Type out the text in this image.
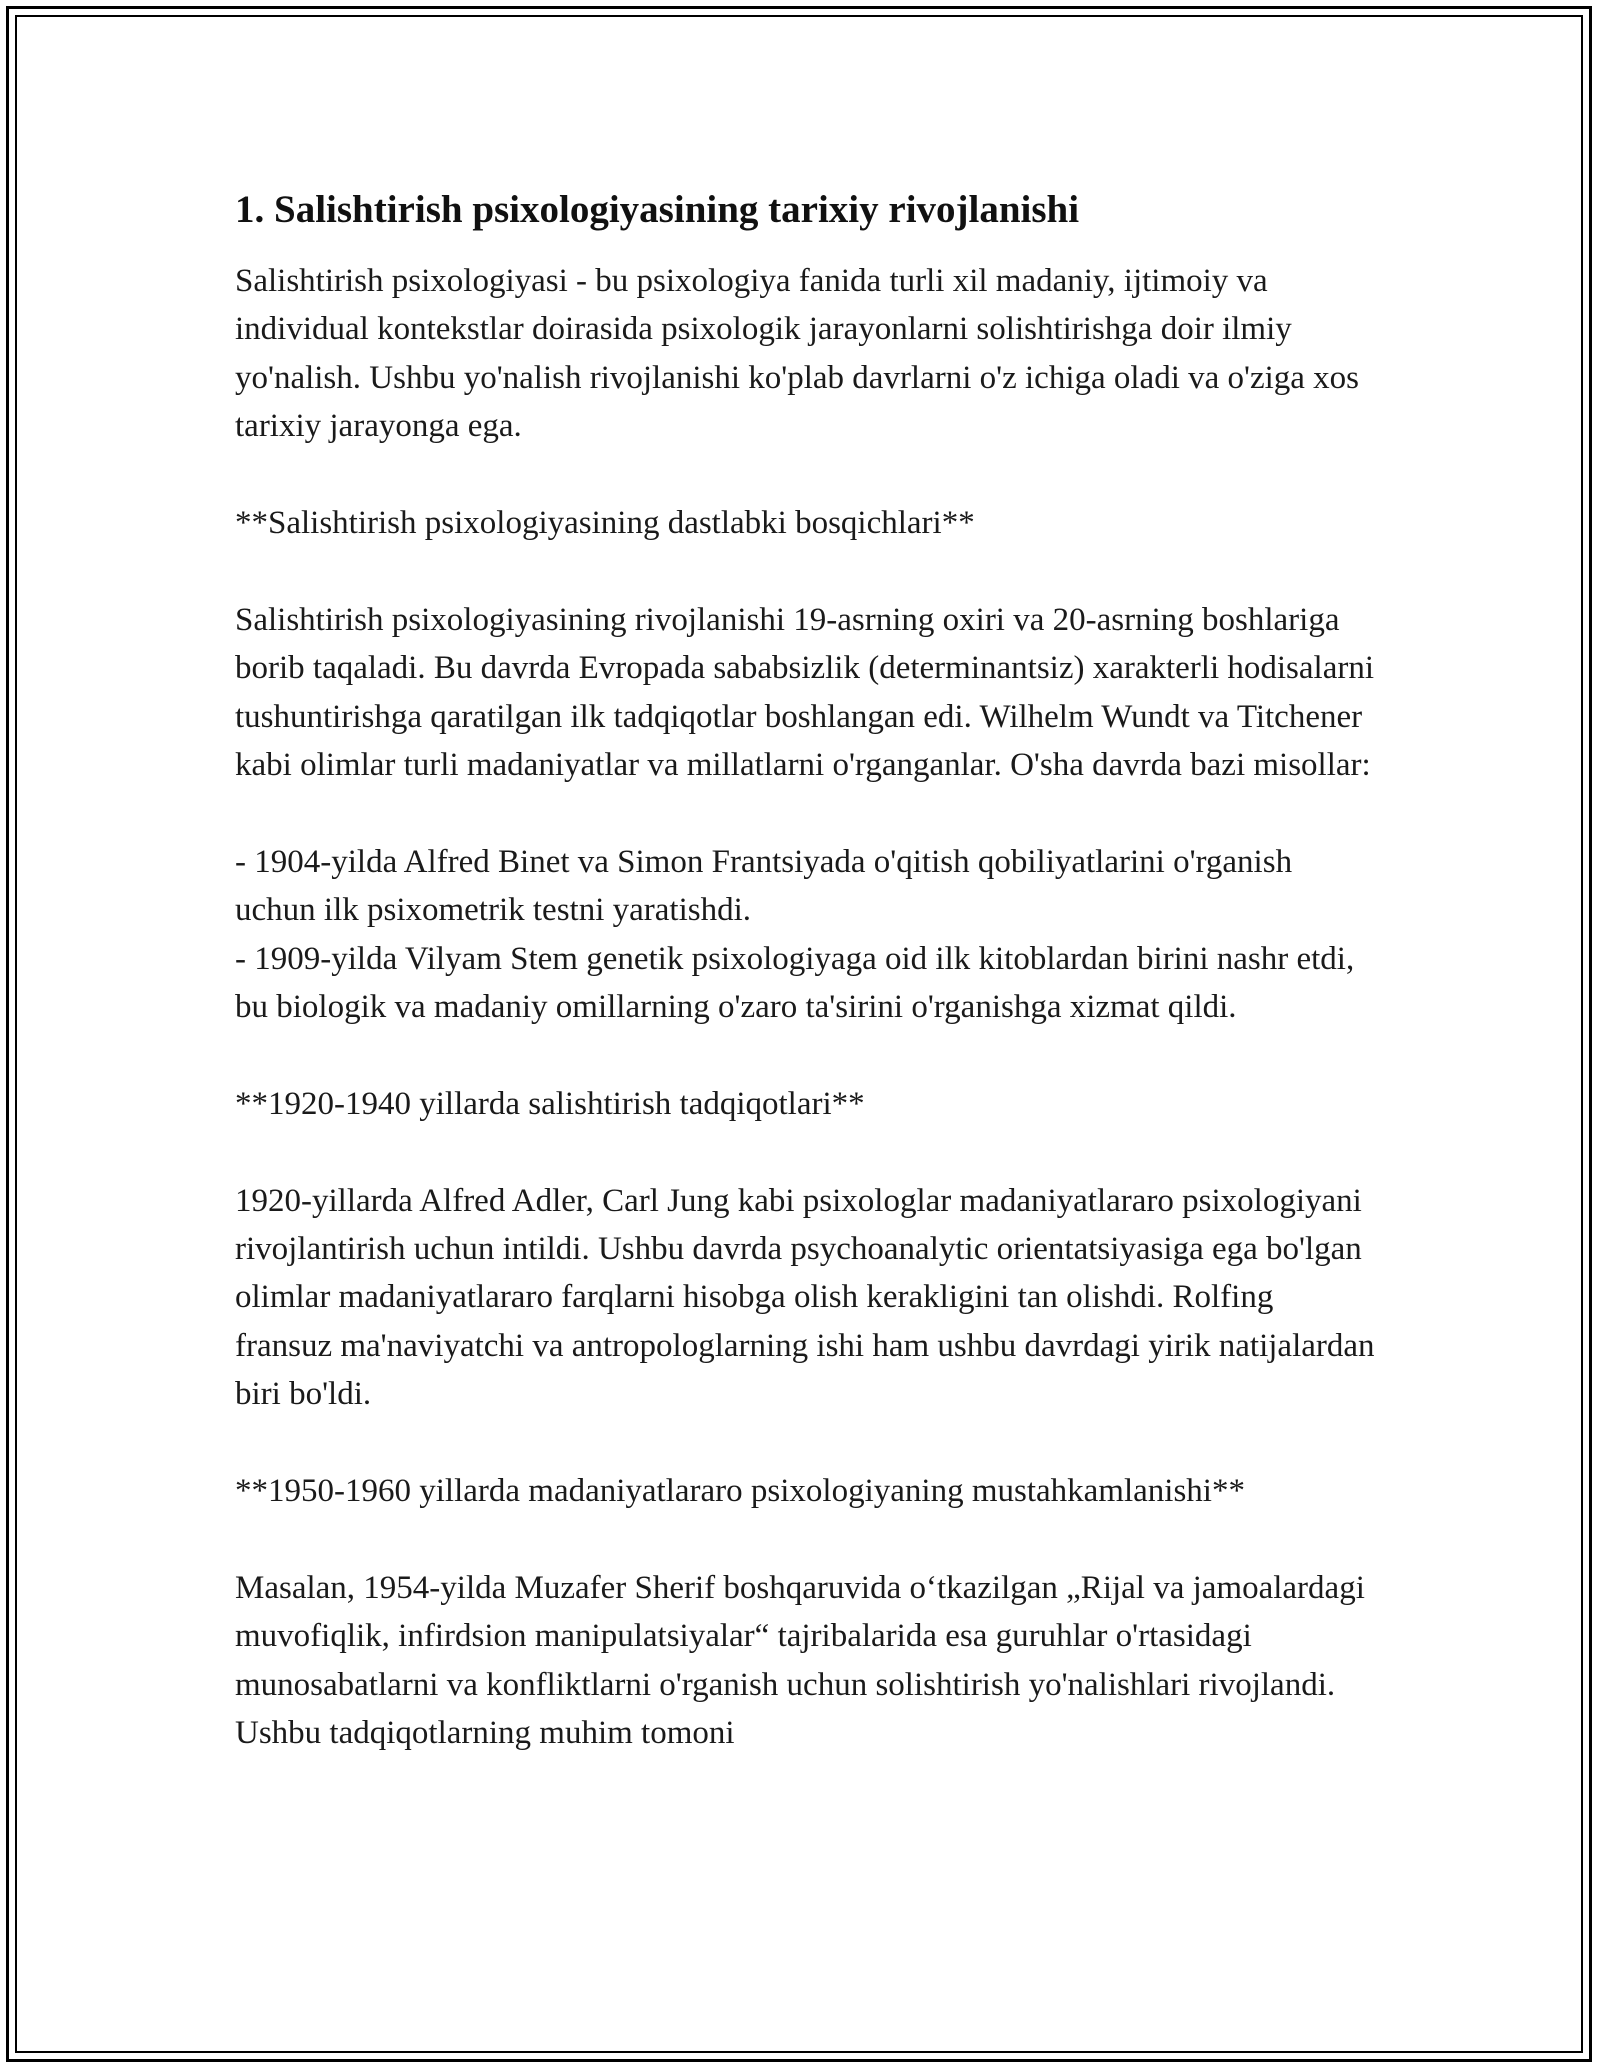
1. Salishtirish psixologiyasining tarixiy rivojlanishi

Salishtirish psixologiyasi - bu psixologiya fanida turli xil madaniy, ijtimoiy va individual kontekstlar doirasida psixologik jarayonlarni solishtirishga doir ilmiy yo'nalish. Ushbu yo'nalish rivojlanishi ko'plab davrlarni o'z ichiga oladi va o'ziga xos tarixiy jarayonga ega.

**Salishtirish psixologiyasining dastlabki bosqichlari**

Salishtirish psixologiyasining rivojlanishi 19-asrning oxiri va 20-asrning boshlariga borib taqaladi. Bu davrda Evropada sababsizlik (determinantsiz) xarakterli hodisalarni tushuntirishga qaratilgan ilk tadqiqotlar boshlangan edi. Wilhelm Wundt va Titchener kabi olimlar turli madaniyatlar va millatlarni o'rganganlar. O'sha davrda bazi misollar:

- 1904-yilda Alfred Binet va Simon Frantsiyada o'qitish qobiliyatlarini o'rganish uchun ilk psixometrik testni yaratishdi.

- 1909-yilda Vilyam Stem genetik psixologiyaga oid ilk kitoblardan birini nashr etdi, bu biologik va madaniy omillarning o'zaro ta'sirini o'rganishga xizmat qildi.

**1920-1940 yillarda salishtirish tadqiqotlari**

1920-yillarda Alfred Adler, Carl Jung kabi psixologlar madaniyatlararo psixologiyani rivojlantirish uchun intildi. Ushbu davrda psychoanalytic orientatsiyasiga ega bo'lgan olimlar madaniyatlararo farqlarni hisobga olish kerakligini tan olishdi. Rolfing fransuz ma'naviyatchi va antropologlarning ishi ham ushbu davrdagi yirik natijalardan biri bo'ldi.

**1950-1960 yillarda madaniyatlararo psixologiyaning mustahkamlanishi**

Masalan, 1954-yilda Muzafer Sherif boshqaruvida o‘tkazilgan „Rijal va jamoalardagi muvofiqlik, infirdsion manipulatsiyalar“ tajribalarida esa guruhlar o'rtasidagi munosabatlarni va konfliktlarni o'rganish uchun solishtirish yo'nalishlari rivojlandi. Ushbu tadqiqotlarning muhim tomoni
